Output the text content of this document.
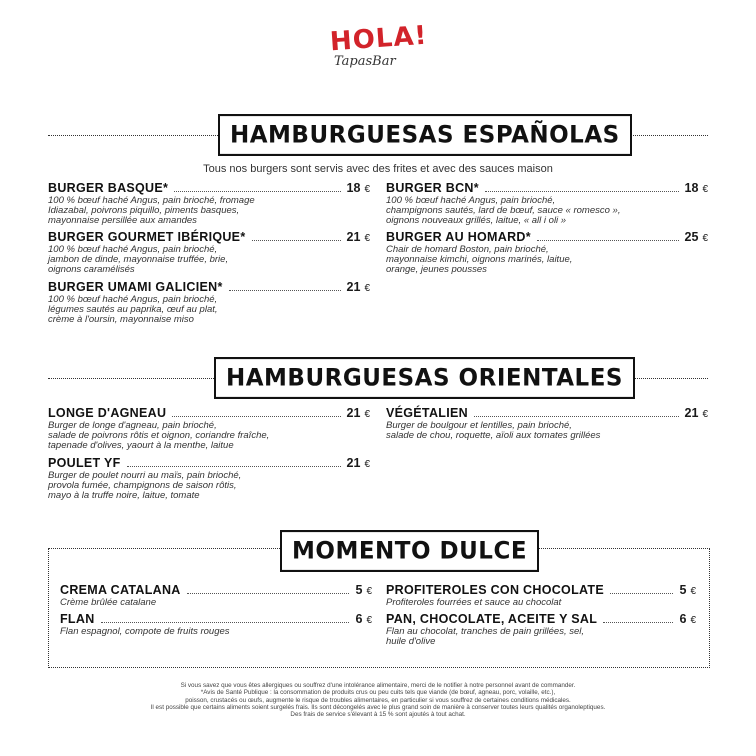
HOLA!
TapasBar
HAMBURGUESAS ESPAÑOLAS
Tous nos burgers sont servis avec des frites et avec des sauces maison
BURGER BASQUE*	18 €
100 % bœuf haché Angus, pain brioché, fromage
Idiazabal, poivrons piquillo, piments basques,
mayonnaise persillée aux amandes
BURGER GOURMET IBÉRIQUE*	21 €
100 % bœuf haché Angus, pain brioché,
jambon de dinde, mayonnaise truffée, brie,
oignons caramélisés
BURGER UMAMI GALICIEN*	21 €
100 % bœuf haché Angus, pain brioché,
légumes sautés au paprika, œuf au plat,
crème à l'oursin, mayonnaise miso
BURGER BCN*	18 €
100 % bœuf haché Angus, pain brioché,
champignons sautés, lard de bœuf, sauce « romesco »,
oignons nouveaux grillés, laitue, « all i oli »
BURGER AU HOMARD*	25 €
Chair de homard Boston, pain brioché,
mayonnaise kimchi, oignons marinés, laitue,
orange, jeunes pousses
HAMBURGUESAS ORIENTALES
LONGE D'AGNEAU	21 €
Burger de longe d'agneau, pain brioché,
salade de poivrons rôtis et oignon, coriandre fraîche,
tapenade d'olives, yaourt à la menthe, laitue
POULET YF	21 €
Burger de poulet nourri au maïs, pain brioché,
provola fumée, champignons de saison rôtis,
mayo à la truffe noire, laitue, tomate
VÉGÉTALIEN	21 €
Burger de boulgour et lentilles, pain brioché,
salade de chou, roquette, aïoli aux tomates grillées
MOMENTO DULCE
CREMA CATALANA	5 €
Crème brûlée catalane
FLAN	6 €
Flan espagnol, compote de fruits rouges
PROFITEROLES CON CHOCOLATE	5 €
Profiteroles fourrées et sauce au chocolat
PAN, CHOCOLATE, ACEITE Y SAL	6 €
Flan au chocolat, tranches de pain grillées, sel,
huile d'olive
Si vous savez que vous êtes allergiques ou souffrez d'une intolérance alimentaire, merci de le notifier à notre personnel avant de commander.
*Avis de Santé Publique : la consommation de produits crus ou peu cuits tels que viande (de bœuf, agneau, porc, volaille, etc.),
poisson, crustacés ou œufs, augmente le risque de troubles alimentaires, en particulier si vous souffrez de certaines conditions médicales.
Il est possible que certains aliments soient surgelés frais. Ils sont décongelés avec le plus grand soin de manière à conserver toutes leurs qualités organoleptiques.
Des frais de service s'élevant à 15 % sont ajoutés à tout achat.
